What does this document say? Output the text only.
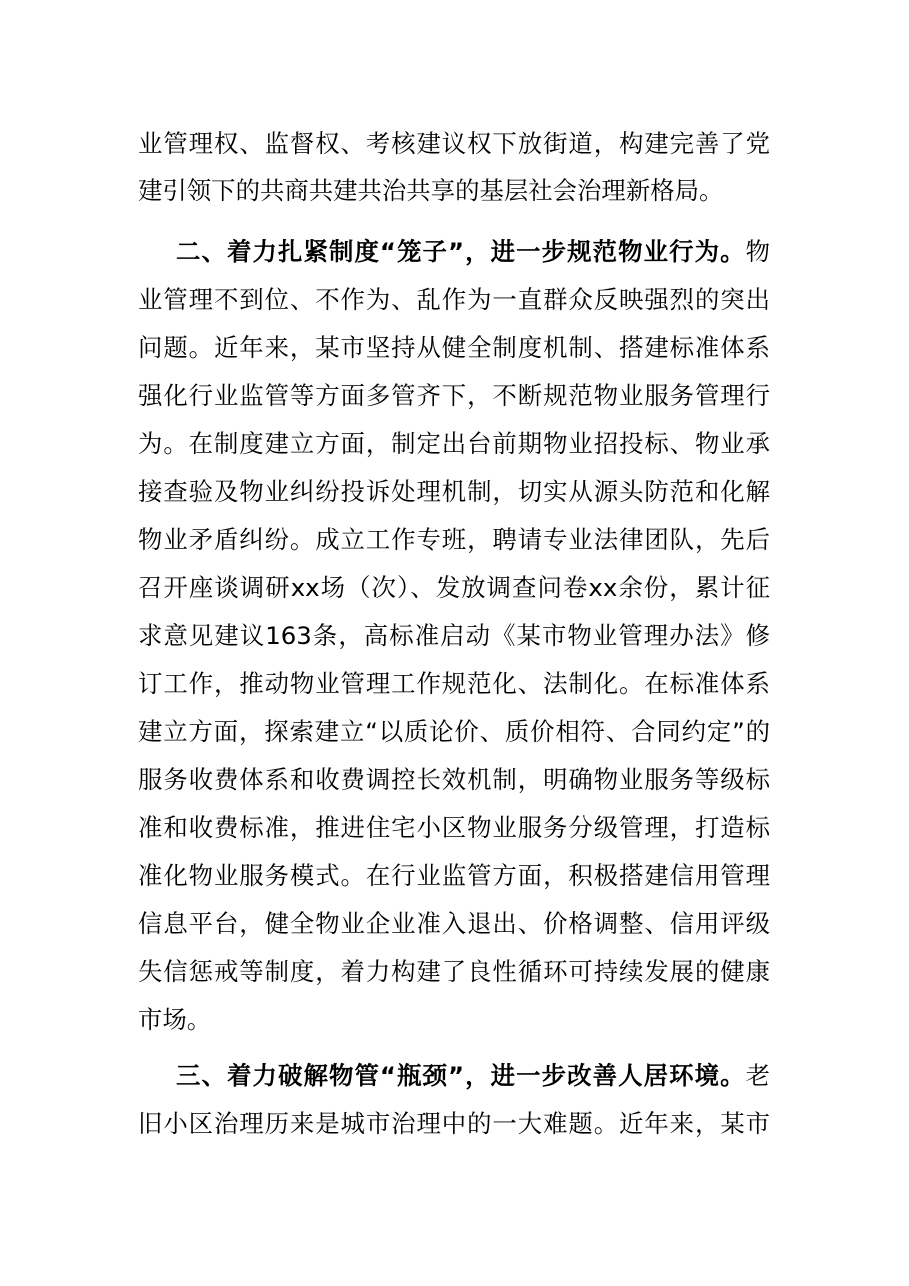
业管理权、监督权、考核建议权下放街道，构建完善了党
建引领下的共商共建共治共享的基层社会治理新格局。
二、着力扎紧制度“笼子”，进一步规范物业行为。物
业管理不到位、不作为、乱作为一直群众反映强烈的突出
问题。近年来，某市坚持从健全制度机制、搭建标准体系
强化行业监管等方面多管齐下，不断规范物业服务管理行
为。在制度建立方面，制定出台前期物业招投标、物业承
接查验及物业纠纷投诉处理机制，切实从源头防范和化解
物业矛盾纠纷。成立工作专班，聘请专业法律团队，先后
召开座谈调研xx场（次）、发放调查问卷xx余份，累计征
求意见建议163条，高标准启动《某市物业管理办法》修
订工作，推动物业管理工作规范化、法制化。在标准体系
建立方面，探索建立“以质论价、质价相符、合同约定”的
服务收费体系和收费调控长效机制，明确物业服务等级标
准和收费标准，推进住宅小区物业服务分级管理，打造标
准化物业服务模式。在行业监管方面，积极搭建信用管理
信息平台，健全物业企业准入退出、价格调整、信用评级
失信惩戒等制度，着力构建了良性循环可持续发展的健康
市场。
三、着力破解物管“瓶颈”，进一步改善人居环境。老
旧小区治理历来是城市治理中的一大难题。近年来，某市
